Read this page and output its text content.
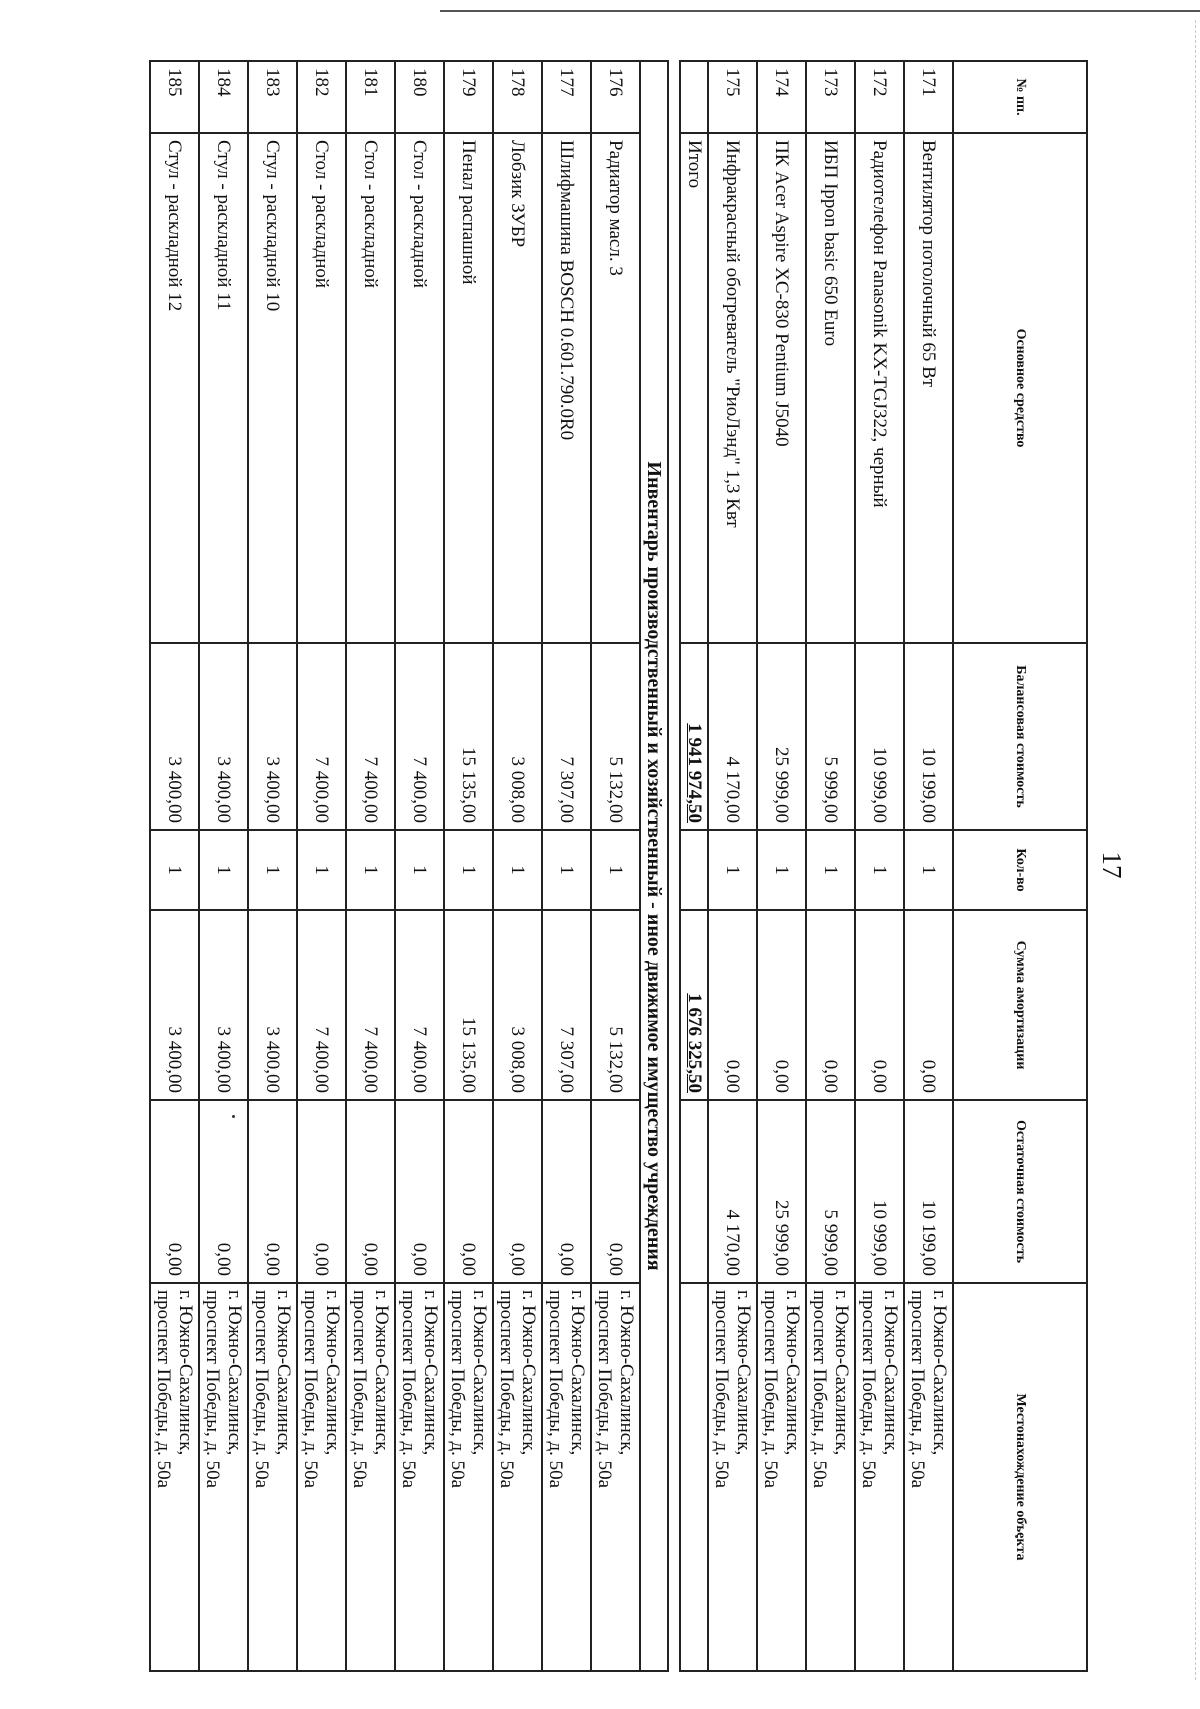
17
№ пп.	Основное средство	Балансовая стоимость	Кол-во	Сумма амортизации	Остаточная стоимость	Местонахождение объекта
171	Вентилятор потолочный 65 Вт	10 199,00	1	0,00	10 199,00	г. Южно-Сахалинск,
проспект Победы, д. 50а
172	Радиотелефон Panasonik KX-TGJ322, черный	10 999,00	1	0,00	10 999,00	г. Южно-Сахалинск,
проспект Победы, д. 50а
173	ИБП Ippon basic 650 Euro	5 999,00	1	0,00	5 999,00	г. Южно-Сахалинск,
проспект Победы, д. 50а
174	ПК Acer Aspire XC-830 Pentium J5040	25 999,00	1	0,00	25 999,00	г. Южно-Сахалинск,
проспект Победы, д. 50а
175	Инфракрасный обогреватель "РиоЛэнд" 1,3 Квт	4 170,00	1	0,00	4 170,00	г. Южно-Сахалинск,
проспект Победы, д. 50а
	Итого	1 941 974,50		1 676 325,50		

Инвентарь производственный и хозяйственный - иное движимое имущество учреждения						
176	Радиатор масл. 3	5 132,00	1	5 132,00	0,00	г. Южно-Сахалинск,
проспект Победы, д. 50а
177	Шлифмашина BOSCH 0.601.790.0R0	7 307,00	1	7 307,00	0,00	г. Южно-Сахалинск,
проспект Победы, д. 50а
178	Лобзик ЗУБР	3 008,00	1	3 008,00	0,00	г. Южно-Сахалинск,
проспект Победы, д. 50а
179	Пенал распашной	15 135,00	1	15 135,00	0,00	г. Южно-Сахалинск,
проспект Победы, д. 50а
180	Стол - раскладной	7 400,00	1	7 400,00	0,00	г. Южно-Сахалинск,
проспект Победы, д. 50а
181	Стол - раскладной	7 400,00	1	7 400,00	0,00	г. Южно-Сахалинск,
проспект Победы, д. 50а
182	Стол - раскладной	7 400,00	1	7 400,00	0,00	г. Южно-Сахалинск,
проспект Победы, д. 50а
183	Стул - раскладной 10	3 400,00	1	3 400,00	0,00	г. Южно-Сахалинск,
проспект Победы, д. 50а
184	Стул - раскладной 11	3 400,00	1	3 400,00	0,00	г. Южно-Сахалинск,
проспект Победы, д. 50а
185	Стул - раскладной 12	3 400,00	1	3 400,00	0,00	г. Южно-Сахалинск,
проспект Победы, д. 50а
